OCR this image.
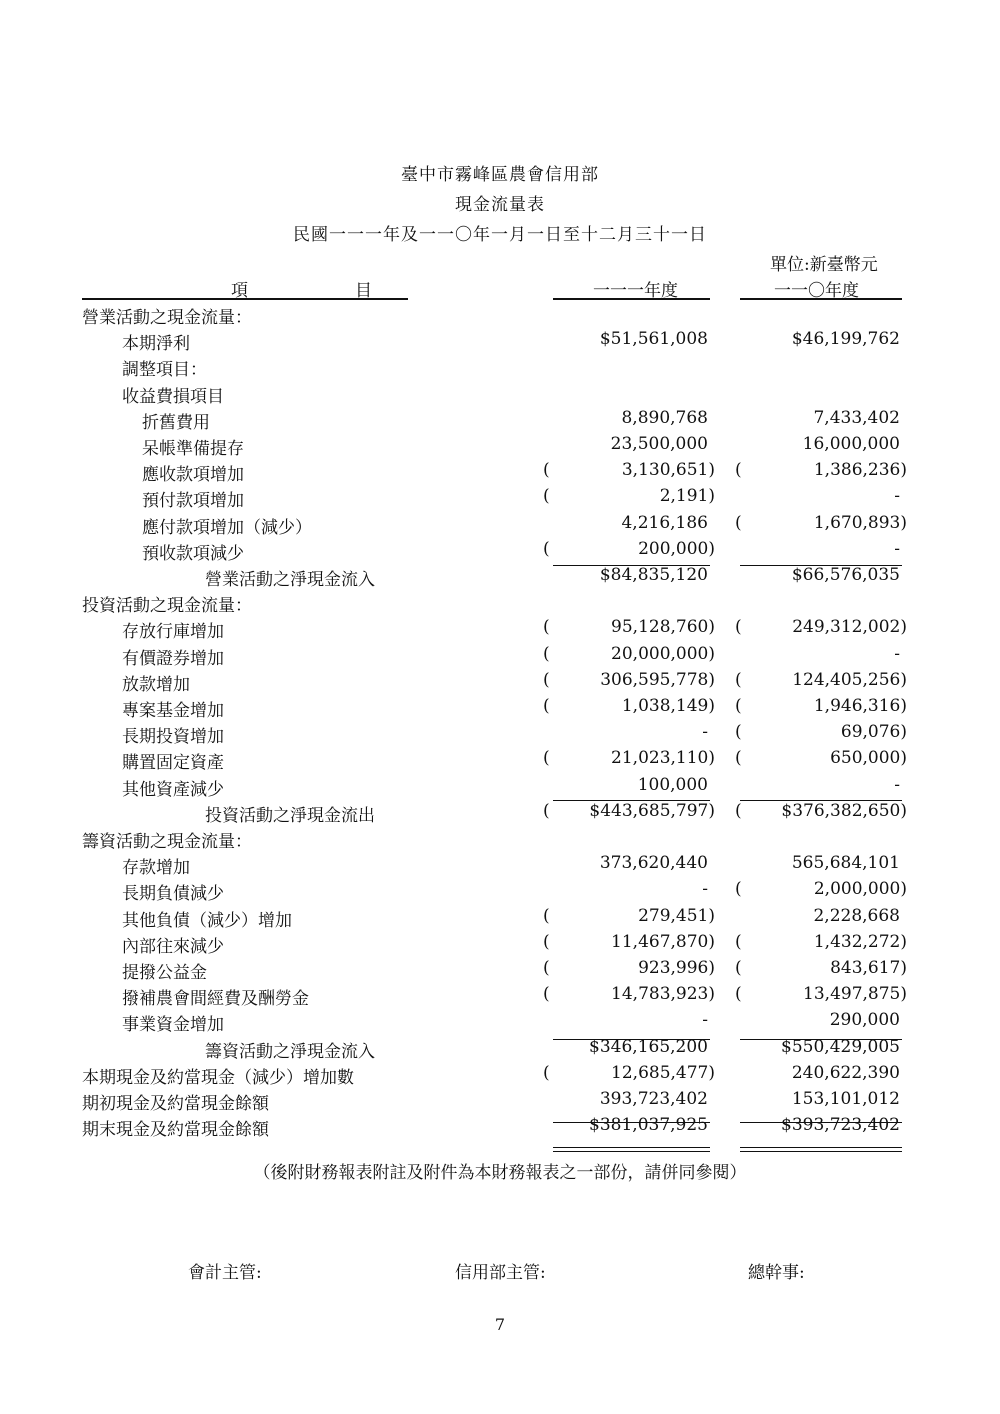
臺中市霧峰區農會信用部
現金流量表
民國一一一年及一一〇年一月一日至十二月三十一日
單位:新臺幣元
項	目	一一一年度	一一〇年度
營業活動之現金流量：
本期淨利	$51,561,008	$46,199,762
調整項目：
收益費損項目
折舊費用	8,890,768	7,433,402
呆帳準備提存	23,500,000	16,000,000
應收款項增加	(	3,130,651) (	1,386,236)
預付款項增加	(	2,191)	-
應付款項增加（減少）	4,216,186 (	1,670,893)
預收款項減少	(	200,000)	-
營業活動之淨現金流入	$84,835,120	$66,576,035
投資活動之現金流量：
存放行庫增加	(	95,128,760) (	249,312,002)
有價證券增加	(	20,000,000)	-
放款增加	(	306,595,778) (	124,405,256)
專案基金增加	(	1,038,149) (	1,946,316)
長期投資增加	- (	69,076)
購置固定資產	(	21,023,110) (	650,000)
其他資產減少	100,000	-
投資活動之淨現金流出	( $443,685,797) ( $376,382,650)
籌資活動之現金流量：
存款增加	373,620,440	565,684,101
長期負債減少	- (	2,000,000)
其他負債（減少）增加	(	279,451)	2,228,668
內部往來減少	(	11,467,870) (	1,432,272)
提撥公益金	(	923,996) (	843,617)
撥補農會間經費及酬勞金	(	14,783,923) (	13,497,875)
事業資金增加	-	290,000
籌資活動之淨現金流入	$346,165,200	$550,429,005
本期現金及約當現金（減少）增加數	(	12,685,477)	240,622,390
期初現金及約當現金餘額	393,723,402	153,101,012
期末現金及約當現金餘額	$381,037,925	$393,723,402
（後附財務報表附註及附件為本財務報表之一部份，請併同參閱）
會計主管:	信用部主管:	總幹事:
7
